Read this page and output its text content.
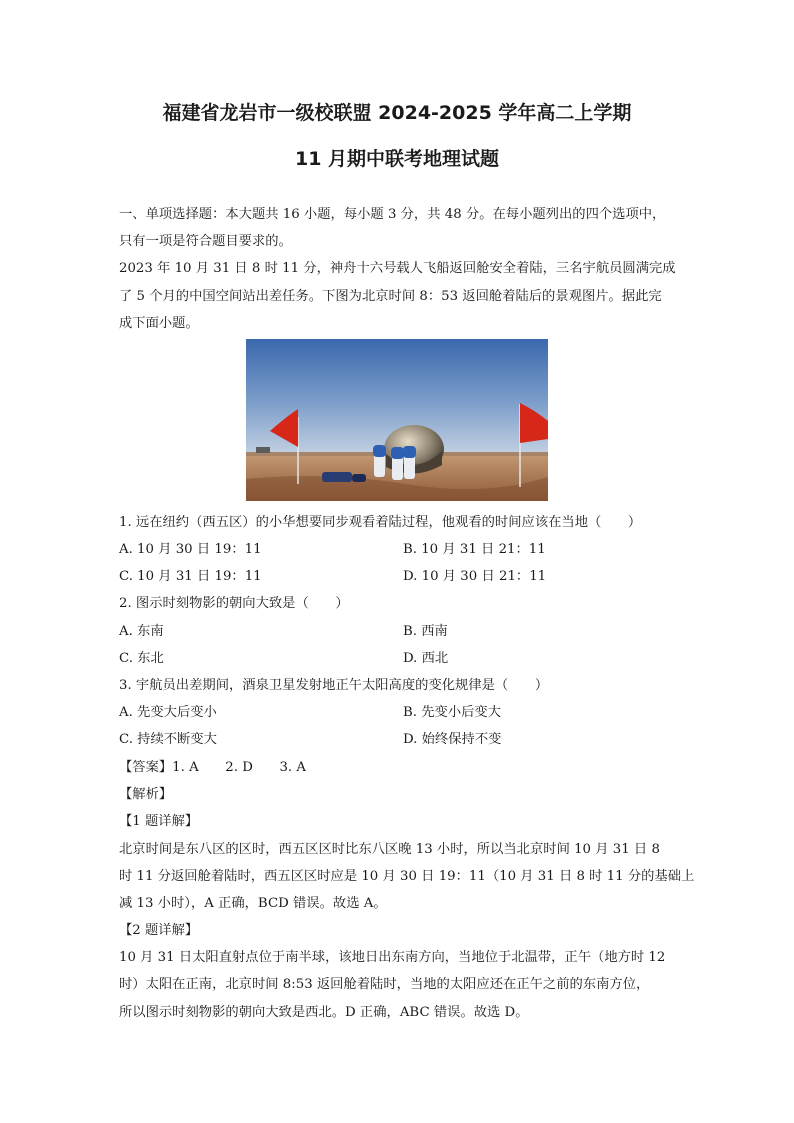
福建省龙岩市一级校联盟 2024-2025 学年高二上学期
11 月期中联考地理试题
一、单项选择题：本大题共 16 小题，每小题 3 分，共 48 分。在每小题列出的四个选项中，
只有一项是符合题目要求的。
2023 年 10 月 31 日 8 时 11 分，神舟十六号载人飞船返回舱安全着陆，三名宇航员圆满完成
了 5 个月的中国空间站出差任务。下图为北京时间 8：53 返回舱着陆后的景观图片。据此完
成下面小题。
1. 远在纽约（西五区）的小华想要同步观看着陆过程，他观看的时间应该在当地（　　）
A. 10 月 30 日 19：11	B. 10 月 31 日 21：11
C. 10 月 31 日 19：11	D. 10 月 30 日 21：11
2. 图示时刻物影的朝向大致是（　　）
A. 东南	B. 西南
C. 东北	D. 西北
3. 宇航员出差期间，酒泉卫星发射地正午太阳高度的变化规律是（　　）
A. 先变大后变小	B. 先变小后变大
C. 持续不断变大	D. 始终保持不变
【答案】1. A　　2. D　　3. A
【解析】
【1 题详解】
北京时间是东八区的区时，西五区区时比东八区晚 13 小时，所以当北京时间 10 月 31 日 8
时 11 分返回舱着陆时，西五区区时应是 10 月 30 日 19：11（10 月 31 日 8 时 11 分的基础上
减 13 小时），A 正确，BCD 错误。故选 A。
【2 题详解】
10 月 31 日太阳直射点位于南半球，该地日出东南方向，当地位于北温带，正午（地方时 12
时）太阳在正南，北京时间 8:53 返回舱着陆时，当地的太阳应还在正午之前的东南方位，
所以图示时刻物影的朝向大致是西北。D 正确，ABC 错误。故选 D。
